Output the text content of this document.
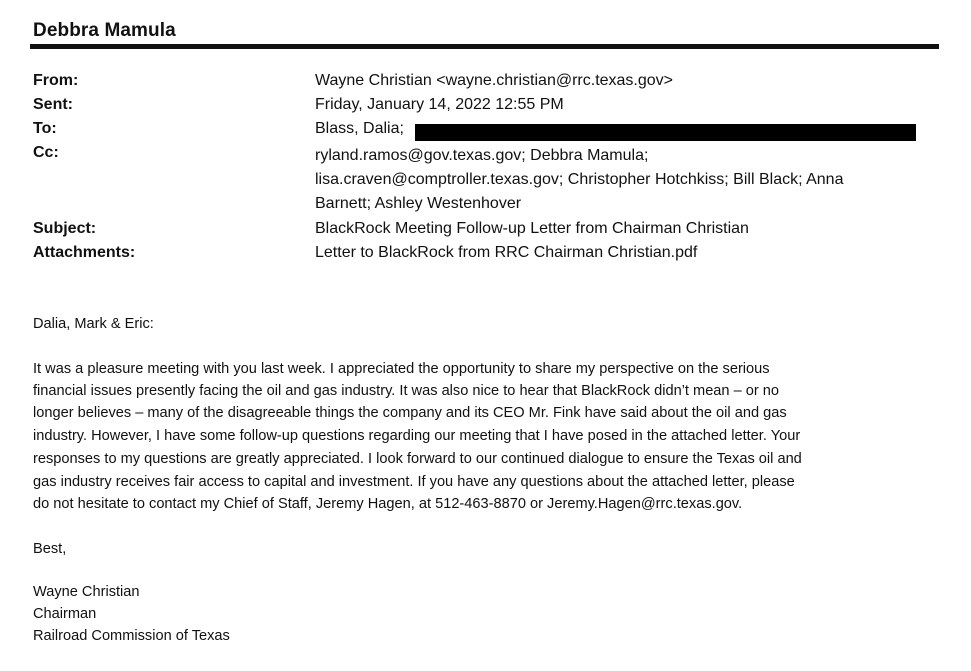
Debbra Mamula
From:
Sent:
To:
Cc:
Subject:
Attachments:
Wayne Christian <wayne.christian@rrc.texas.gov>
Friday, January 14, 2022 12:55 PM
Blass, Dalia;
ryland.ramos@gov.texas.gov; Debbra Mamula;
lisa.craven@comptroller.texas.gov; Christopher Hotchkiss; Bill Black; Anna
Barnett; Ashley Westenhover
BlackRock Meeting Follow-up Letter from Chairman Christian
Letter to BlackRock from RRC Chairman Christian.pdf
Dalia, Mark & Eric:
It was a pleasure meeting with you last week. I appreciated the opportunity to share my perspective on the serious
financial issues presently facing the oil and gas industry. It was also nice to hear that BlackRock didn’t mean – or no
longer believes – many of the disagreeable things the company and its CEO Mr. Fink have said about the oil and gas
industry. However, I have some follow-up questions regarding our meeting that I have posed in the attached letter. Your
responses to my questions are greatly appreciated. I look forward to our continued dialogue to ensure the Texas oil and
gas industry receives fair access to capital and investment. If you have any questions about the attached letter, please
do not hesitate to contact my Chief of Staff, Jeremy Hagen, at 512-463-8870 or Jeremy.Hagen@rrc.texas.gov.
Best,
Wayne Christian
Chairman
Railroad Commission of Texas
